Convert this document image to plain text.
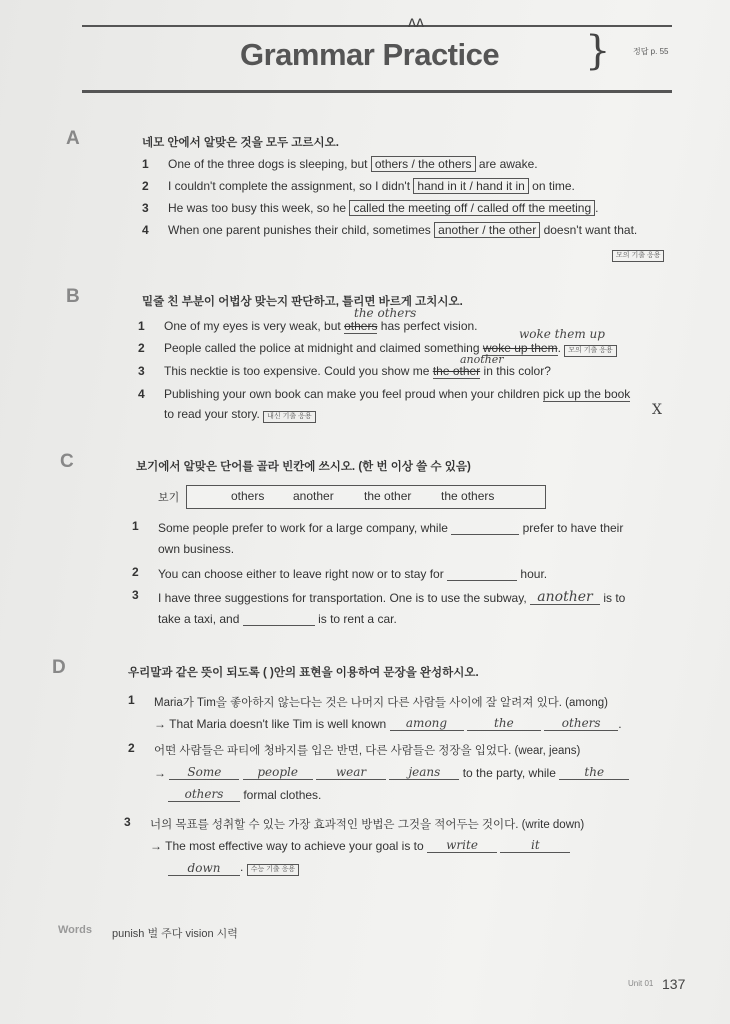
ᴧᴧ
Grammar Practice }	정답 p. 55
A	네모 안에서 알맞은 것을 모두 고르시오.
1 One of the three dogs is sleeping, but others / the others are awake.
2 I couldn't complete the assignment, so I didn't hand in it / hand it in on time.
3 He was too busy this week, so he called the meeting off / called off the meeting .
4 When one parent punishes their child, sometimes another / the other doesn't want that.
모의 기출 응용
B	밑줄 친 부분이 어법상 맞는지 판단하고, 틀리면 바르게 고치시오.
the others
1 One of my eyes is very weak, but others has perfect vision.
woke them up
2 People called the police at midnight and claimed something woke up them. 모의 기출 응용
another
3 This necktie is too expensive. Could you show me the other in this color?
4 Publishing your own book can make you feel proud when your children pick up the book
to read your story. 내신 기출 응용	X
C	보기에서 알맞은 단어를 골라 빈칸에 쓰시오. (한 번 이상 쓸 수 있음)
보기	others another	the other the others
1 Some people prefer to work for a large company, while	prefer to have their
own business.
2 You can choose either to leave right now or to stay for	hour.
3 I have three suggestions for transportation. One is to use the subway, another is to
take a taxi, and	is to rent a car.
D	우리말과 같은 뜻이 되도록 ( )안의 표현을 이용하여 문장을 완성하시오.
1 Maria가 Tim을 좋아하지 않는다는 것은 나머지 다른 사람들 사이에 잘 알려져 있다. (among)
→ That Maria doesn't like Tim is well known among	the	others .
2 어떤 사람들은 파티에 청바지를 입은 반면, 다른 사람들은 정장을 입었다. (wear, jeans)
→ Some	people	wear	jeans to the party, while the
others formal clothes.
3 너의 목표를 성취할 수 있는 가장 효과적인 방법은 그것을 적어두는 것이다. (write down)
→ The most effective way to achieve your goal is to write	it
down . 수능 기출 응용
Words punish 벌 주다 vision 시력
Unit 01 137
